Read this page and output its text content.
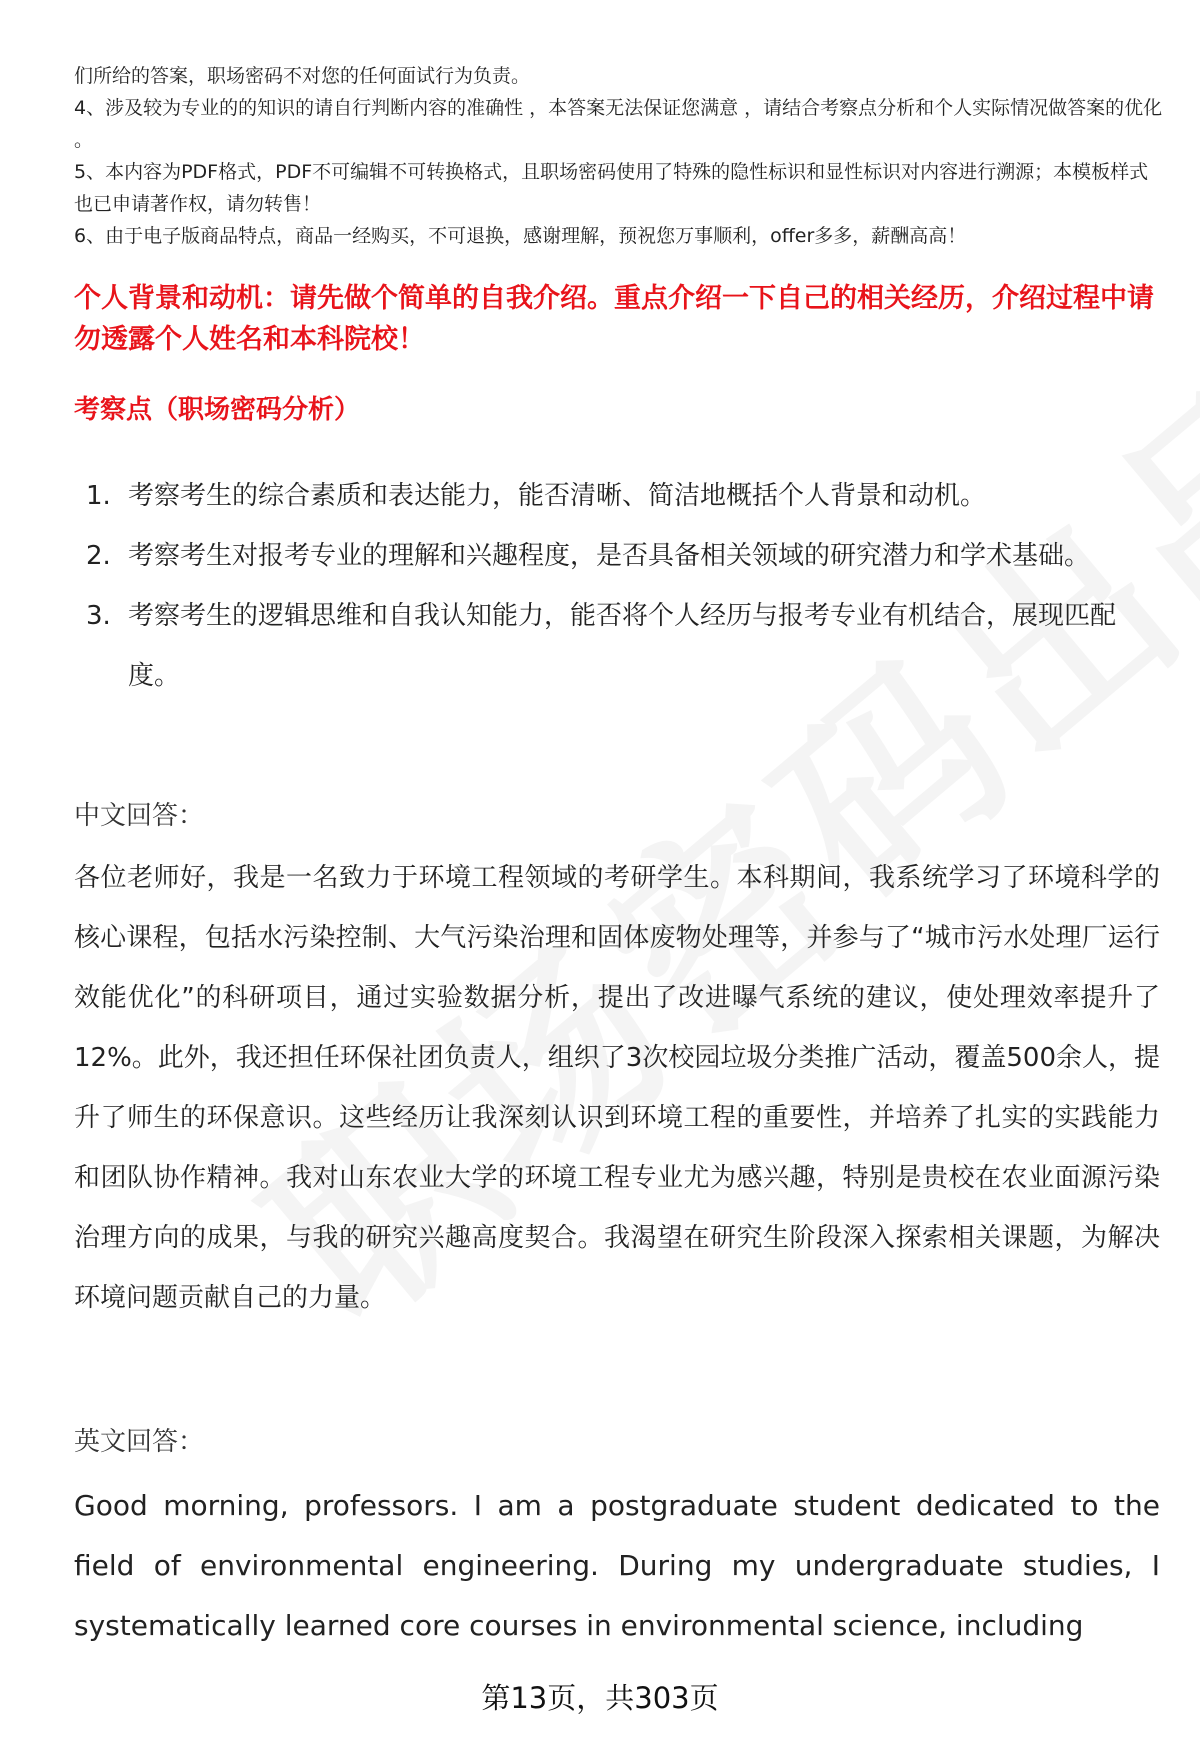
们所给的答案，职场密码不对您的任何面试行为负责。

4、涉及较为专业的的知识的请自行判断内容的准确性 ，本答案无法保证您满意 ，请结合考察点分析和个人实际情况做答案的优化 。

5、本内容为PDF格式，PDF不可编辑不可转换格式，且职场密码使用了特殊的隐性标识和显性标识对内容进行溯源；本模板样式也已申请著作权，请勿转售！

6、由于电子版商品特点，商品一经购买，不可退换，感谢理解，预祝您万事顺利，offer多多，薪酬高高！

个人背景和动机：请先做个简单的自我介绍。重点介绍一下自己的相关经历，介绍过程中请勿透露个人姓名和本科院校！
考察点（职场密码分析）
1. 考察考生的综合素质和表达能力，能否清晰、简洁地概括个人背景和动机。
2. 考察考生对报考专业的理解和兴趣程度，是否具备相关领域的研究潜力和学术基础。
3. 考察考生的逻辑思维和自我认知能力，能否将个人经历与报考专业有机结合，展现匹配度。
中文回答：

各位老师好，我是一名致力于环境工程领域的考研学生。本科期间，我系统学习了环境科学的核心课程，包括水污染控制、大气污染治理和固体废物处理等，并参与了“城市污水处理厂运行效能优化”的科研项目，通过实验数据分析，提出了改进曝气系统的建议，使处理效率提升了12%。此外，我还担任环保社团负责人，组织了3次校园垃圾分类推广活动，覆盖500余人，提升了师生的环保意识。这些经历让我深刻认识到环境工程的重要性，并培养了扎实的实践能力和团队协作精神。我对山东农业大学的环境工程专业尤为感兴趣，特别是贵校在农业面源污染治理方向的成果，与我的研究兴趣高度契合。我渴望在研究生阶段深入探索相关课题，为解决环境问题贡献自己的力量。

英文回答：

Good morning, professors. I am a postgraduate student dedicated to the field of environmental engineering. During my undergraduate studies, I systematically learned core courses in environmental science, including

第13页，共303页
